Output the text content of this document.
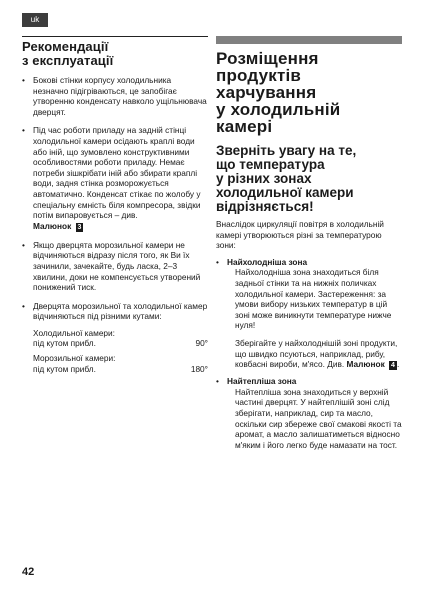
uk
Рекомендації
з експлуатації
• Бокові стінки корпусу холодильника незначно підігріваються, це запобігає утворенню конденсату навколо ущільнювача дверцят.
• Під час роботи приладу на задній стінці холодильної камери осідають краплі води або іній, що зумовлено конструктивними особливостями роботи приладу. Немає потреби зішкрібати іній або збирати краплі води, задня стінка розморожується автоматично. Конденсат стікає по жолобу у спеціальну ємність біля компресора, звідки потім випаровується – див.
Малюнок 3
• Якщо дверцята морозильної камери не відчиняються відразу після того, як Ви їх зачинили, зачекайте, будь ласка, 2–3 хвилини, доки не компенсується утворений понижений тиск.
• Дверцята морозильної та холодильної камер відчиняються під різними кутами:
Холодильної камери:
під кутом прибл.	90°
Морозильної камери:
під кутом прибл.	180°
Розміщення
продуктів
харчування
у холодильній
камері
Зверніть увагу на те,
що температура
у різних зонах
холодильної камери
відрізняється!

Внаслідок циркуляції повітря в холодильній камері утворюються різні за температурою зони:

• Найхолодніша зона
Найхолодніша зона знаходиться біля задньої стінки та на нижніх поличках холодильної камери. Застереження: за умови вибору низьких температур в цій зоні може виникнути температуре нижче нуля!
Зберігайте у найхолоднішій зоні продукти, що швидко псуються, наприклад, рибу, ковбасні вироби, м'ясо. Див. Малюнок 4 .
• Найтепліша зона
Найтепліша зона знаходиться у верхній частині дверцят. У найтеплішій зоні слід зберігати, наприклад, сир та масло, оскільки сир збереже свої смакові якості та аромат, а масло залишатиметься відносно м'яким і його легко буде намазати на тост.
42
